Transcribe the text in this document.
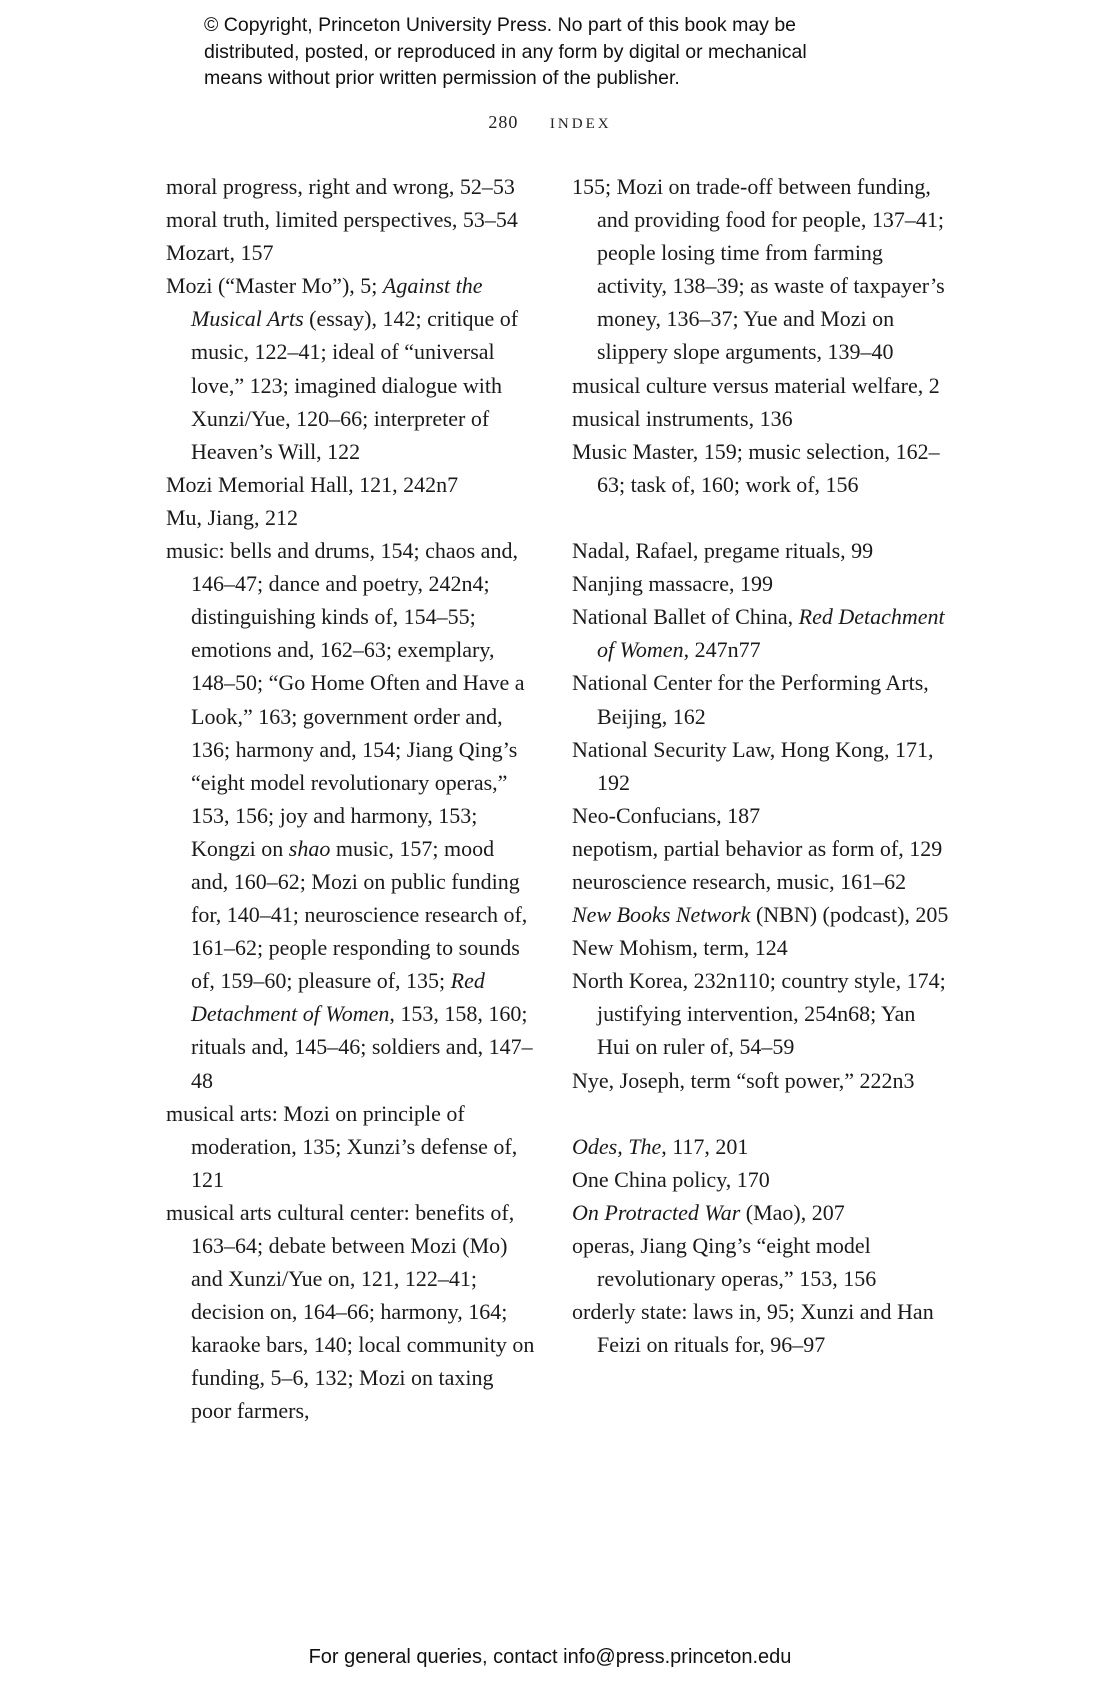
© Copyright, Princeton University Press. No part of this book may be
distributed, posted, or reproduced in any form by digital or mechanical
means without prior written permission of the publisher.
280 INDEX
moral progress, right and wrong, 52–53
moral truth, limited perspectives, 53–54
Mozart, 157
Mozi (“Master Mo”), 5; Against the Musical Arts (essay), 142; critique of music, 122–41; ideal of “universal love,” 123; imagined dialogue with Xunzi/Yue, 120–66; interpreter of Heaven’s Will, 122
Mozi Memorial Hall, 121, 242n7
Mu, Jiang, 212
music: bells and drums, 154; chaos and, 146–47; dance and poetry, 242n4; distinguishing kinds of, 154–55; emotions and, 162–63; exemplary, 148–50; “Go Home Often and Have a Look,” 163; government order and, 136; harmony and, 154; Jiang Qing’s “eight model revolutionary operas,” 153, 156; joy and harmony, 153; Kongzi on shao music, 157; mood and, 160–62; Mozi on public funding for, 140–41; neuroscience research of, 161–62; people responding to sounds of, 159–60; pleasure of, 135; Red Detachment of Women, 153, 158, 160; rituals and, 145–46; soldiers and, 147–48
musical arts: Mozi on principle of moderation, 135; Xunzi’s defense of, 121
musical arts cultural center: benefits of, 163–64; debate between Mozi (Mo) and Xunzi/Yue on, 121, 122–41; decision on, 164–66; harmony, 164; karaoke bars, 140; local community on funding, 5–6, 132; Mozi on taxing poor farmers,
155; Mozi on trade-off between funding, and providing food for people, 137–41; people losing time from farming activity, 138–39; as waste of taxpayer’s money, 136–37; Yue and Mozi on slippery slope arguments, 139–40
musical culture versus material welfare, 2
musical instruments, 136
Music Master, 159; music selection, 162–63; task of, 160; work of, 156
Nadal, Rafael, pregame rituals, 99
Nanjing massacre, 199
National Ballet of China, Red Detachment of Women, 247n77
National Center for the Performing Arts, Beijing, 162
National Security Law, Hong Kong, 171, 192
Neo-Confucians, 187
nepotism, partial behavior as form of, 129
neuroscience research, music, 161–62
New Books Network (NBN) (podcast), 205
New Mohism, term, 124
North Korea, 232n110; country style, 174; justifying intervention, 254n68; Yan Hui on ruler of, 54–59
Nye, Joseph, term “soft power,” 222n3
Odes, The, 117, 201
One China policy, 170
On Protracted War (Mao), 207
operas, Jiang Qing’s “eight model revolutionary operas,” 153, 156
orderly state: laws in, 95; Xunzi and Han Feizi on rituals for, 96–97
For general queries, contact info@press.princeton.edu
